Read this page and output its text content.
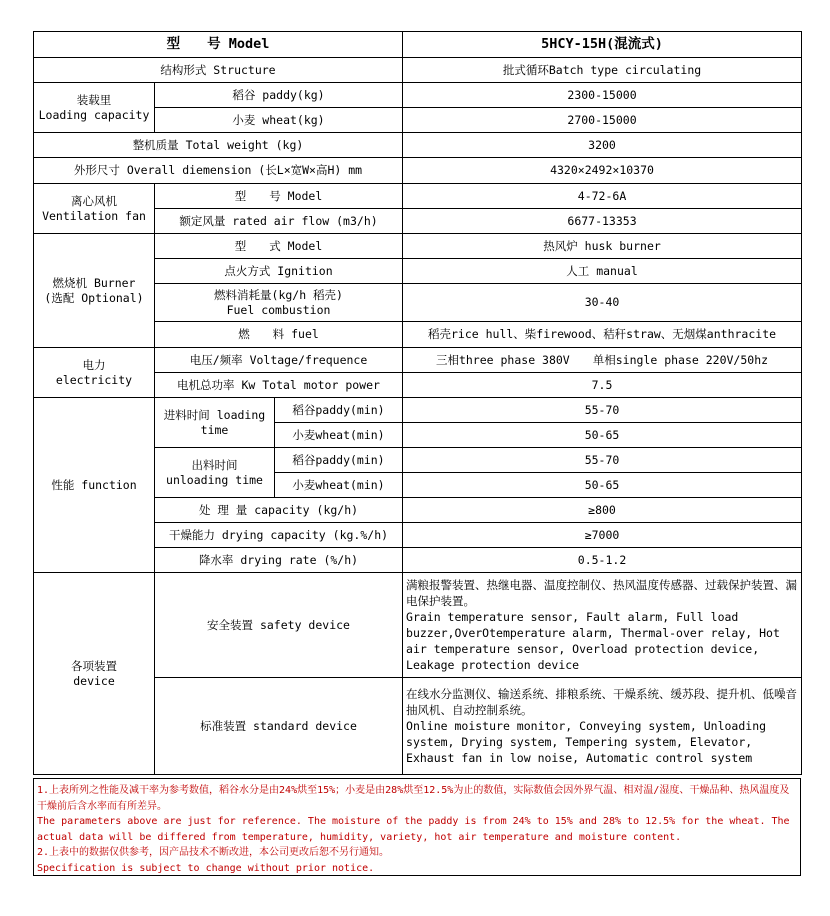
型　　号 Model			5HCY-15H(混流式)
结构形式 Structure			批式循环Batch type circulating
装载里
Loading capacity	稻谷 paddy(kg)		2300-15000
	小麦 wheat(kg)		2700-15000
整机质量 Total weight (kg)			3200
外形尺寸 Overall diemension (长L×宽W×高H) mm			4320×2492×10370
离心风机
Ventilation fan	型　　号 Model		4-72-6A
	额定风量 rated air flow (m3/h)		6677-13353
燃烧机 Burner
(选配 Optional)	型　　式 Model		热风炉 husk burner
	点火方式 Ignition		人工 manual
	燃料消耗量(kg/h 稻壳)
Fuel combustion		30-40
	燃　　料 fuel		稻壳rice hull、柴firewood、秸秆straw、无烟煤anthracite
电力
electricity	电压/频率 Voltage/frequence		三相three phase 380V　　单相single phase 220V/50hz
	电机总功率 Kw Total motor power		7.5
性能 function	进料时间 loading
time	稻谷paddy(min)	55-70
		小麦wheat(min)	50-65
	出料时间
unloading time	稻谷paddy(min)	55-70
		小麦wheat(min)	50-65
	处 理 量 capacity (kg/h)		≥800
	干燥能力 drying capacity (kg.%/h)		≥7000
	降水率 drying rate (%/h)		0.5-1.2
各项装置
device	安全装置 safety device		满粮报警装置、热继电器、温度控制仪、热风温度传感器、过载保护装置、漏电保护装置。
Grain temperature sensor, Fault alarm, Full load buzzer,OverOtemperature alarm, Thermal-over relay, Hot air temperature sensor, Overload protection device, Leakage protection device
	标准装置 standard device		在线水分监测仪、输送系统、排粮系统、干燥系统、缓苏段、提升机、低噪音抽风机、自动控制系统。
Online moisture monitor, Conveying system, Unloading system, Drying system, Tempering system, Elevator, Exhaust fan in low noise, Automatic control system
1.上表所列之性能及减干率为参考数值，稻谷水分是由24%烘至15%；小麦是由28%烘至12.5%为止的数值，实际数值会因外界气温、相对温/湿度、干燥品种、热风温度及干燥前后含水率而有所差异。
The parameters above are just for reference. The moisture of the paddy is from 24% to 15% and 28% to 12.5% for the wheat. The actual data will be differed from temperature, humidity, variety, hot air temperature and moisture content.
2.上表中的数据仅供参考，因产品技术不断改进，本公司更改后恕不另行通知。
Specification is subject to change without prior notice.
